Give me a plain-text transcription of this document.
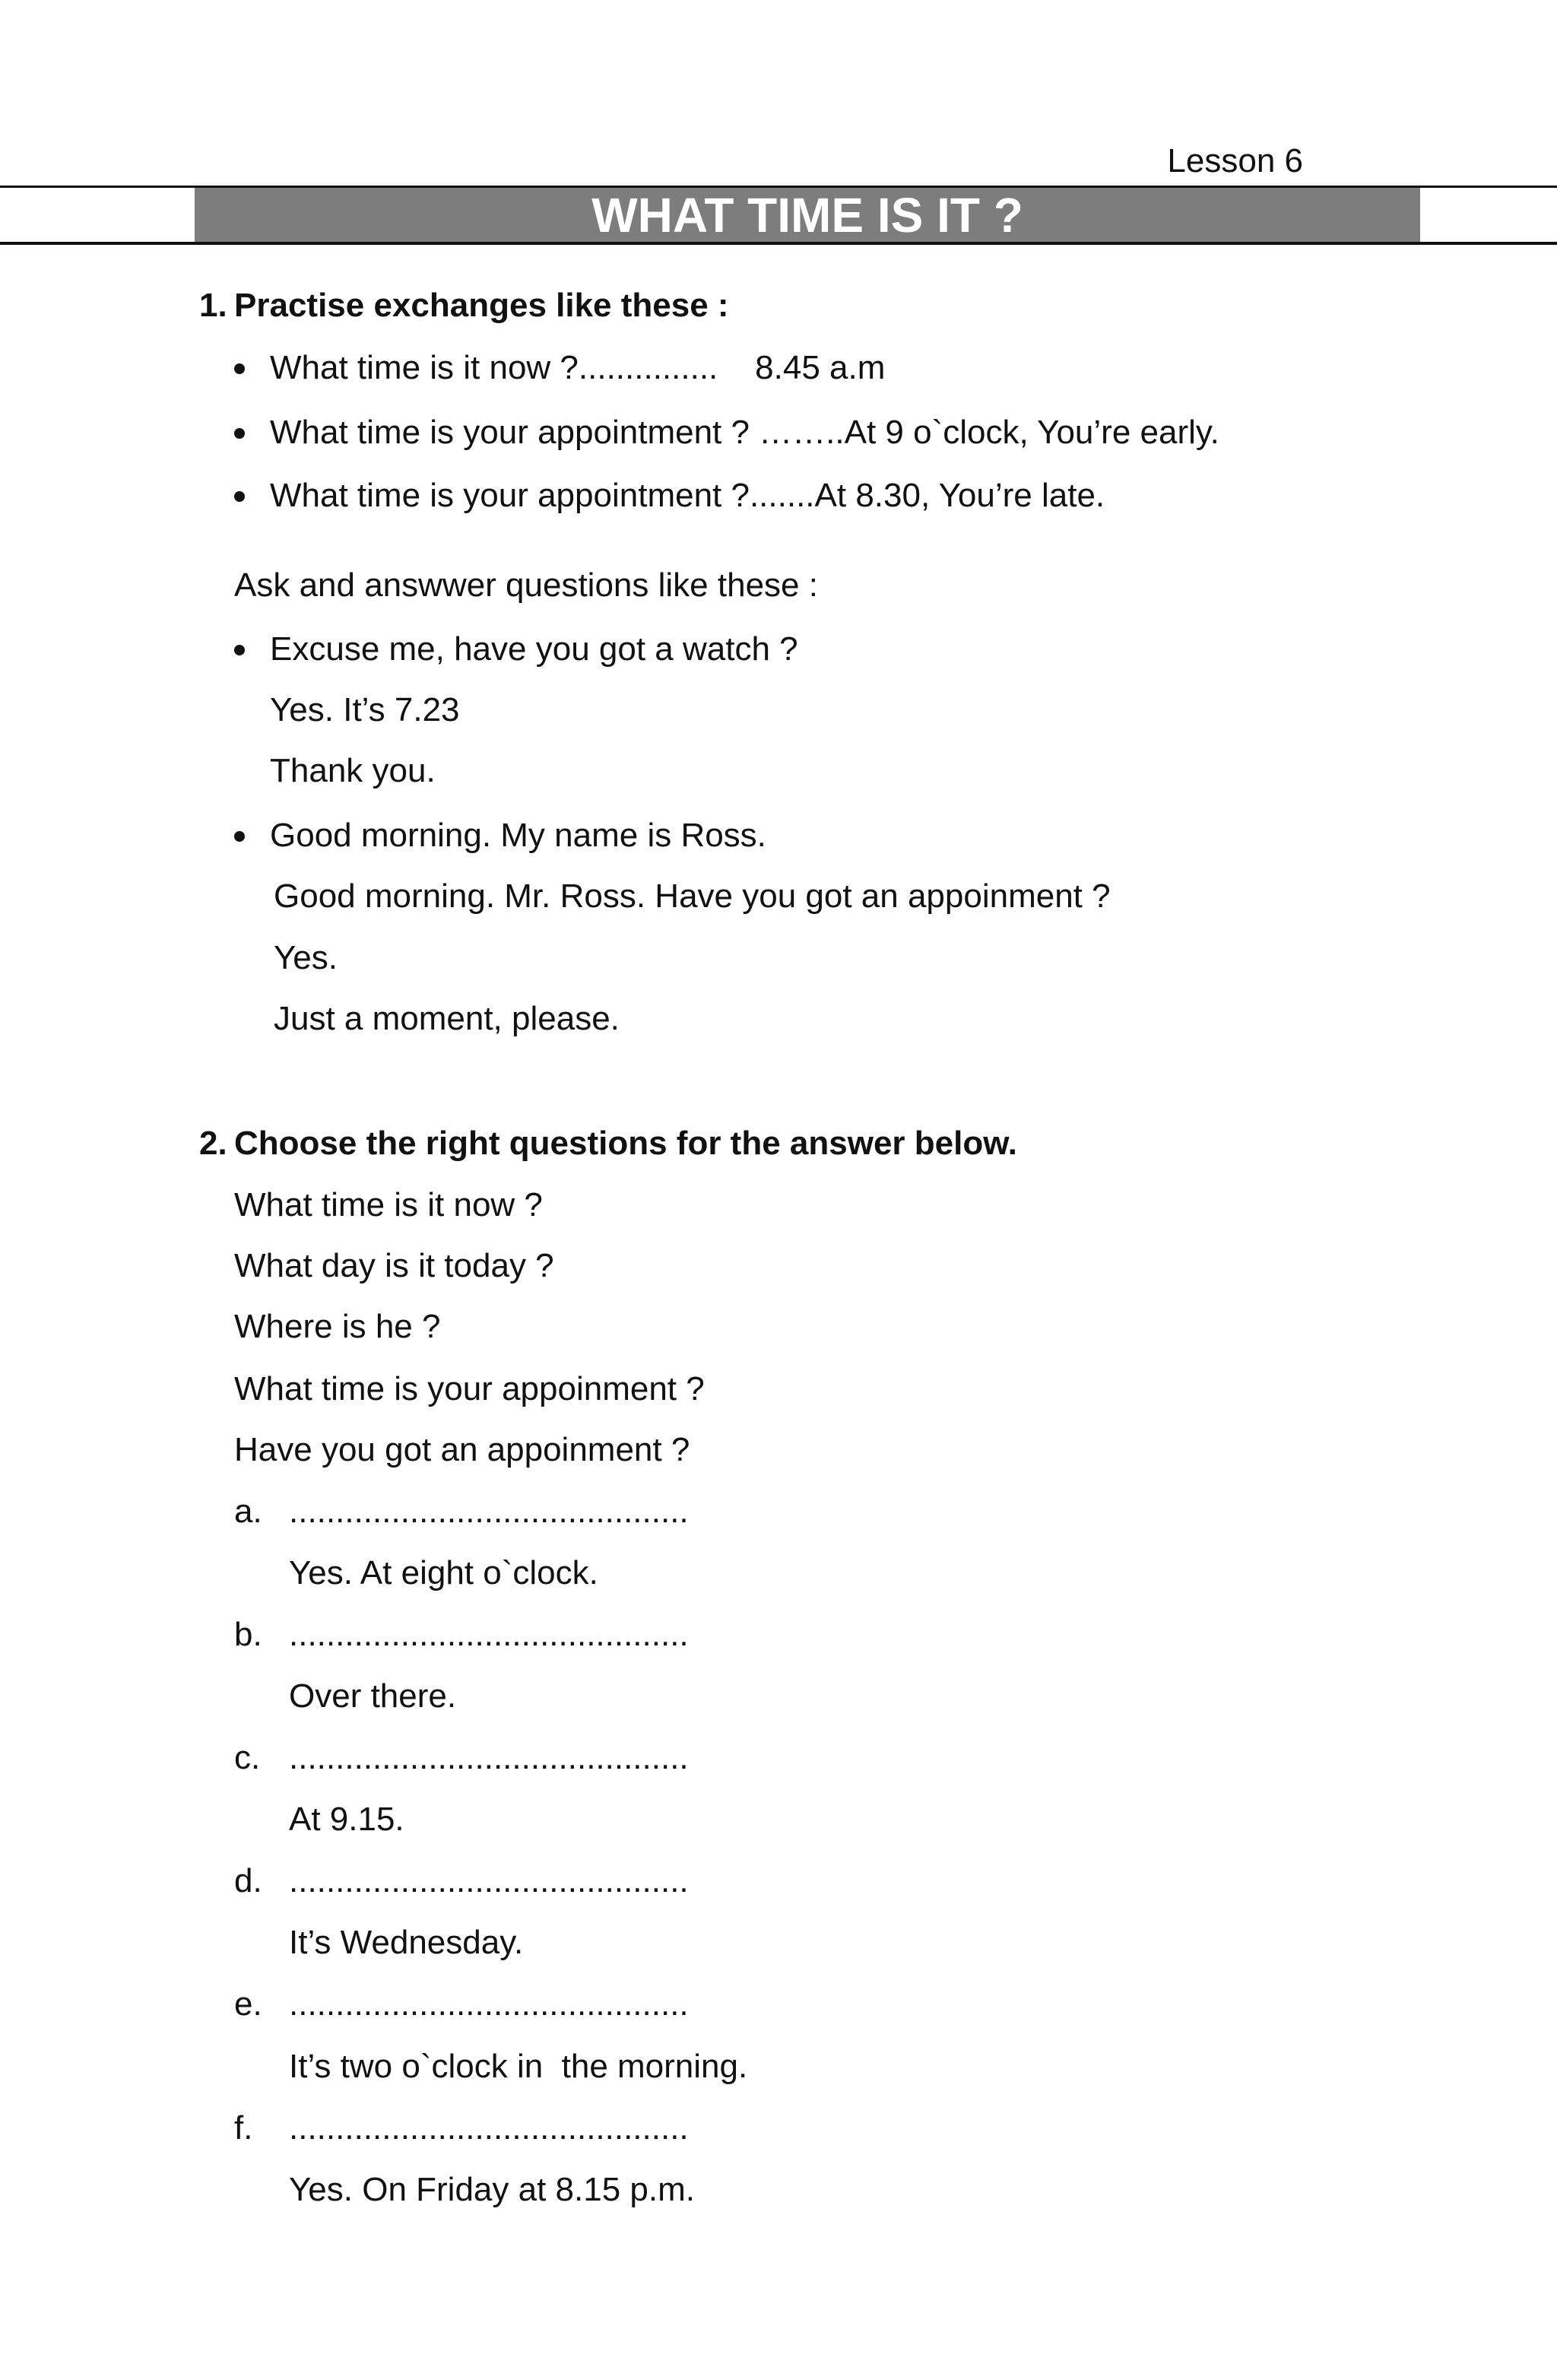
Lesson 6
WHAT TIME IS IT ?
1. Practise exchanges like these :
What time is it now ?...............    8.45 a.m
What time is your appointment ? ……..At 9 o`clock, You’re early.
What time is your appointment ?.......At 8.30, You’re late.
Ask and answwer questions like these :
Excuse me, have you got a watch ?
Yes. It’s 7.23
Thank you.
Good morning. My name is Ross.
Good morning. Mr. Ross. Have you got an appoinment ?
Yes.
Just a moment, please.
2. Choose the right questions for the answer below.
What time is it now ?
What day is it today ?
Where is he ?
What time is your appoinment ?
Have you got an appoinment ?
a. ...........................................
Yes. At eight o`clock.
b. ...........................................
Over there.
c. ...........................................
At 9.15.
d. ...........................................
It’s Wednesday.
e. ...........................................
It’s two o`clock in  the morning.
f. ...........................................
Yes. On Friday at 8.15 p.m.
